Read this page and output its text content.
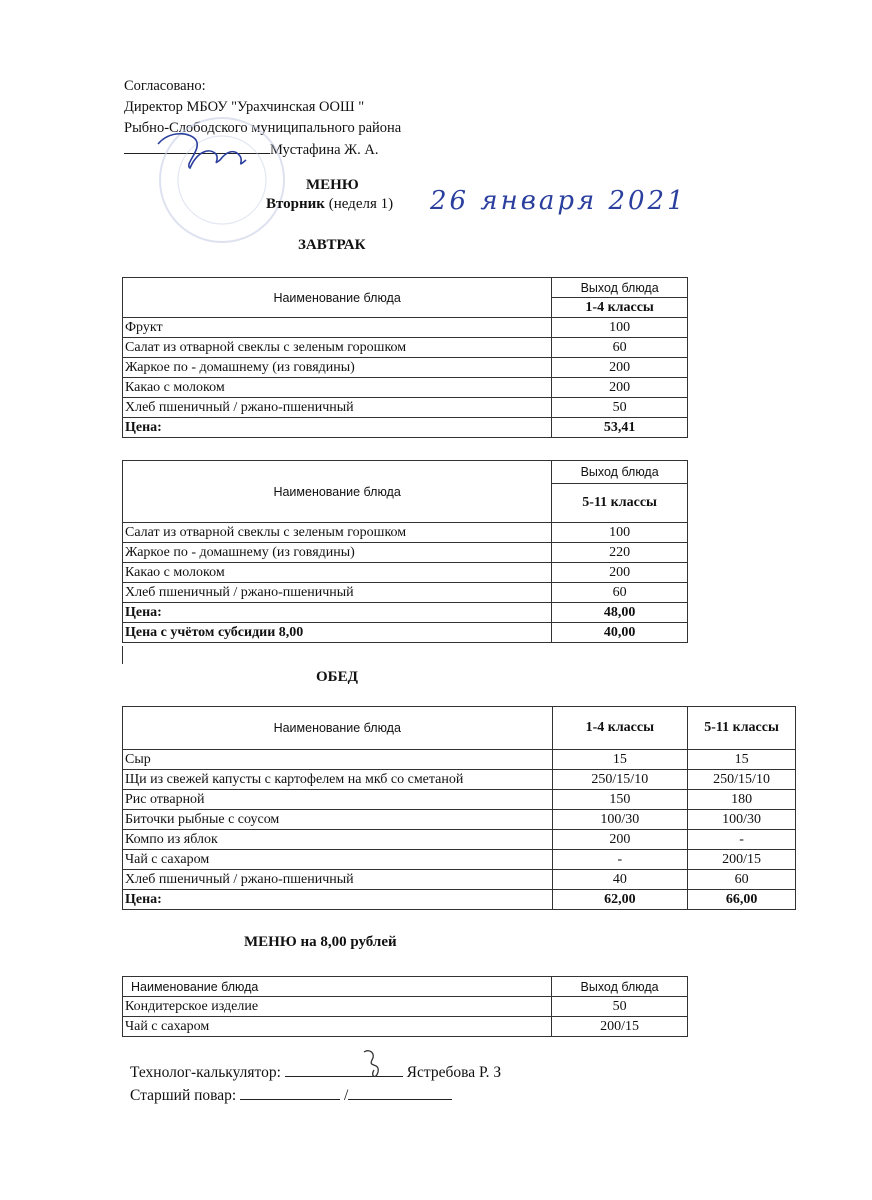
Согласовано:
Директор МБОУ "Урахчинская ООШ "
Рыбно-Слободского муниципального района
Мустафина Ж. А.
МЕНЮ
Вторник (неделя 1) 26 января 2021
ЗАВТРАК
Наименование блюда	Выход блюда
	1-4 классы
Фрукт	100
Салат из отварной свеклы с зеленым горошком	60
Жаркое по - домашнему (из говядины)	200
Какао с молоком	200
Хлеб пшеничный / ржано-пшеничный	50
Цена:	53,41
Наименование блюда	Выход блюда
	5-11 классы
Салат из отварной свеклы с зеленым горошком	100
Жаркое по - домашнему (из говядины)	220
Какао с молоком	200
Хлеб пшеничный / ржано-пшеничный	60
Цена:	48,00
Цена с учётом субсидии 8,00	40,00
ОБЕД
Наименование блюда	1-4 классы	5-11 классы
Сыр	15	15
Щи из свежей капусты с картофелем на мкб со сметаной	250/15/10	250/15/10
Рис отварной	150	180
Биточки рыбные с соусом	100/30	100/30
Компо из яблок	200	-
Чай с сахаром	-	200/15
Хлеб пшеничный / ржано-пшеничный	40	60
Цена:	62,00	66,00
МЕНЮ на 8,00 рублей
Наименование блюда	Выход блюда
Кондитерское изделие	50
Чай с сахаром	200/15
Технолог-калькулятор:	Ястребова Р. З
Старший повар:	/
